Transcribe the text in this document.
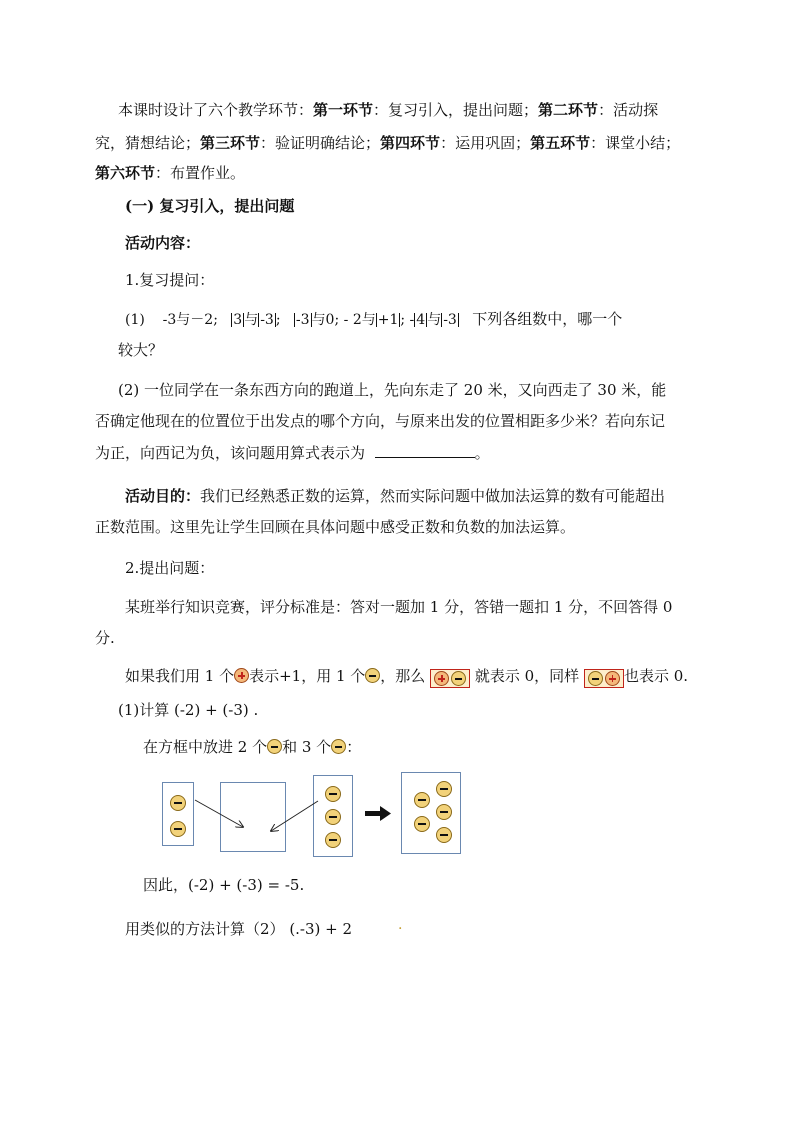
本课时设计了六个教学环节：第一环节：复习引入，提出问题；第二环节：活动探
究，猜想结论；第三环节：验证明确结论；第四环节：运用巩固；第五环节：课堂小结；
第六环节：布置作业。
(一) 复习引入，提出问题
活动内容：
1.复习提问：
(1) -3与－2; 3 与 -3 ; -3 与0; - 2与 +1 ; - 4 与 -3 下列各组数中，哪一个
较大？
(2) 一位同学在一条东西方向的跑道上，先向东走了 20 米，又向西走了 30 米，能
否确定他现在的位置位于出发点的哪个方向，与原来出发的位置相距多少米？若向东记
为正，向西记为负，该问题用算式表示为	。
活动目的：我们已经熟悉正数的运算，然而实际问题中做加法运算的数有可能超出
正数范围。这里先让学生回顾在具体问题中感受正数和负数的加法运算。
2.提出问题：
某班举行知识竞赛，评分标准是：答对一题加 1 分，答错一题扣 1 分，不回答得 0
分.
如果我们用 1 个 表示+1，用 1 个 ，那么	就表示 0，同样	也表示 0.
(1)计算 (-2) + (-3) .
在方框中放进 2 个 和 3 个 ：
因此，(-2) + (-3) = -5.
用类似的方法计算（2） (.-3) + 2	.
